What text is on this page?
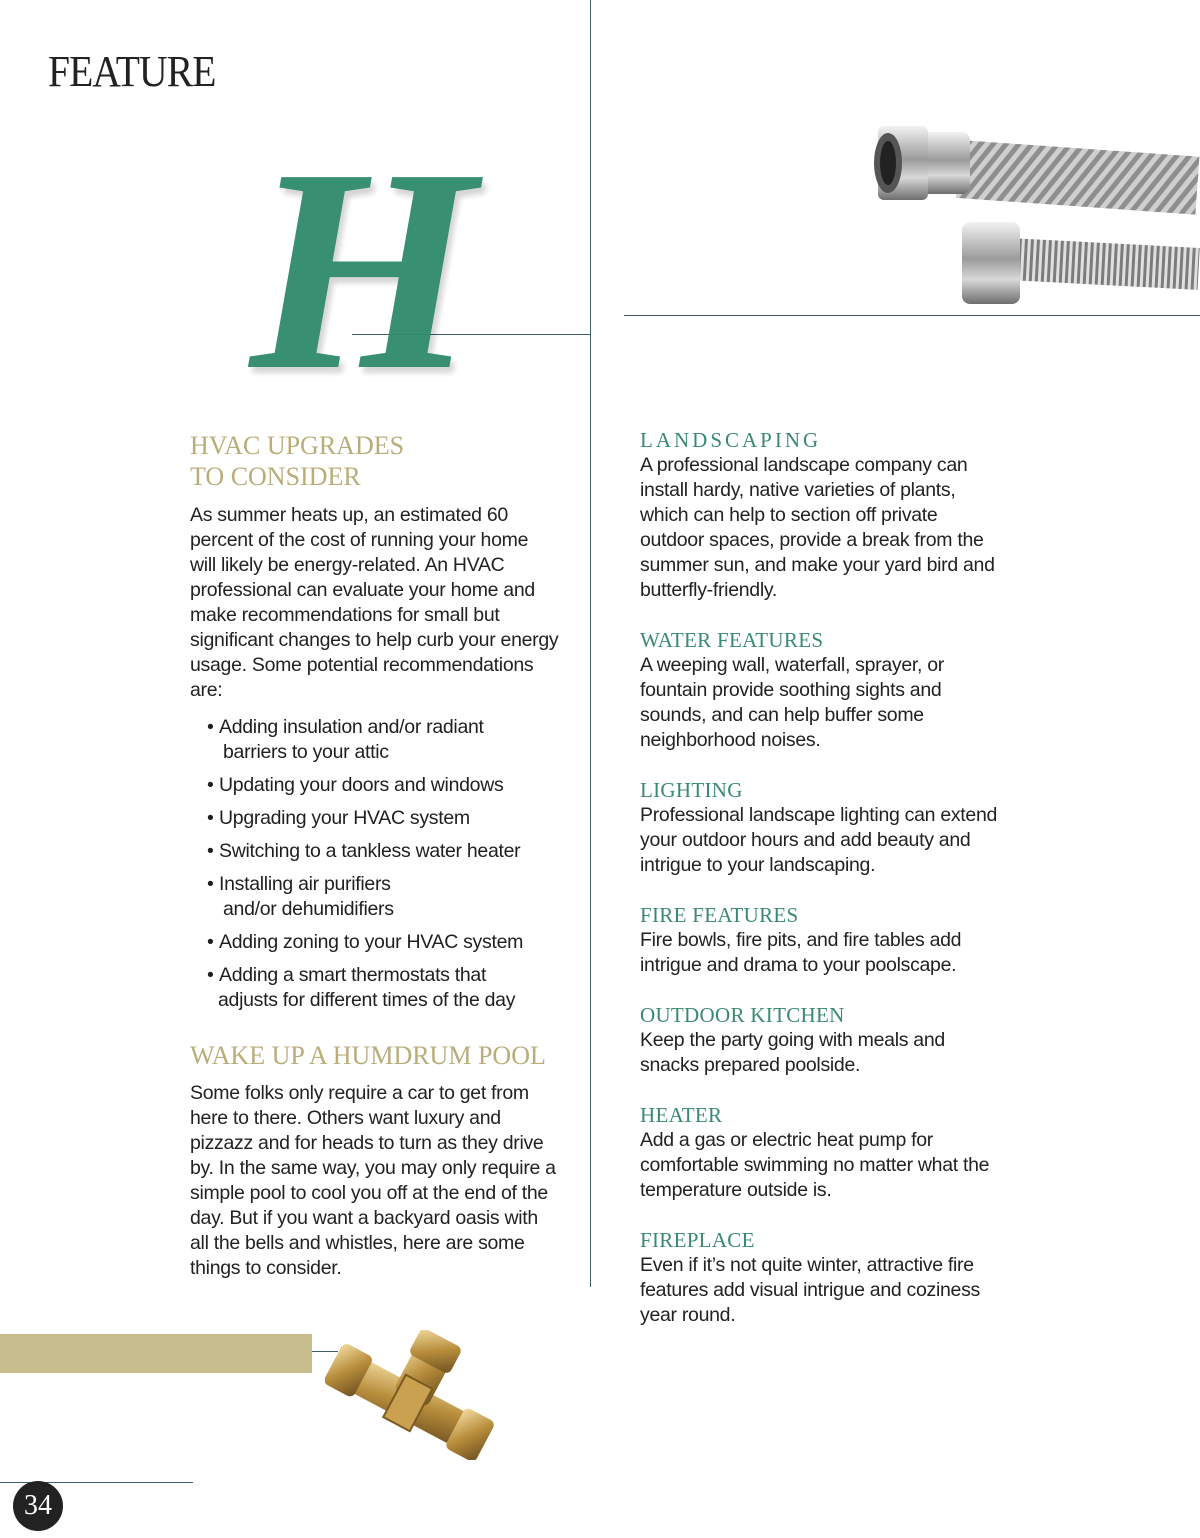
FEATURE
H
HVAC UPGRADES
TO CONSIDER

As summer heats up, an estimated 60

percent of the cost of running your home

will likely be energy-related. An HVAC

professional can evaluate your home and

make recommendations for small but

significant changes to help curb your energy

usage. Some potential recommendations are:

• Adding insulation and/or radiant
barriers to your attic
• Updating your doors and windows
• Upgrading your HVAC system
• Switching to a tankless water heater
• Installing air purifiers
and/or dehumidifiers
• Adding zoning to your HVAC system
• Adding a smart thermostats that
adjusts for different times of the day
WAKE UP A HUMDRUM POOL

Some folks only require a car to get from

here to there. Others want luxury and

pizzazz and for heads to turn as they drive

by. In the same way, you may only require a

simple pool to cool you off at the end of the

day. But if you want a backyard oasis with

all the bells and whistles, here are some

things to consider.

LANDSCAPING

A professional landscape company can

install hardy, native varieties of plants,

which can help to section off private

outdoor spaces, provide a break from the

summer sun, and make your yard bird and

butterfly-friendly.

WATER FEATURES

A weeping wall, waterfall, sprayer, or

fountain provide soothing sights and

sounds, and can help buffer some

neighborhood noises.

LIGHTING

Professional landscape lighting can extend

your outdoor hours and add beauty and

intrigue to your landscaping.

FIRE FEATURES

Fire bowls, fire pits, and fire tables add

intrigue and drama to your poolscape.

OUTDOOR KITCHEN

Keep the party going with meals and

snacks prepared poolside.

HEATER

Add a gas or electric heat pump for

comfortable swimming no matter what the

temperature outside is.

FIREPLACE

Even if it’s not quite winter, attractive fire

features add visual intrigue and coziness

year round.

34
